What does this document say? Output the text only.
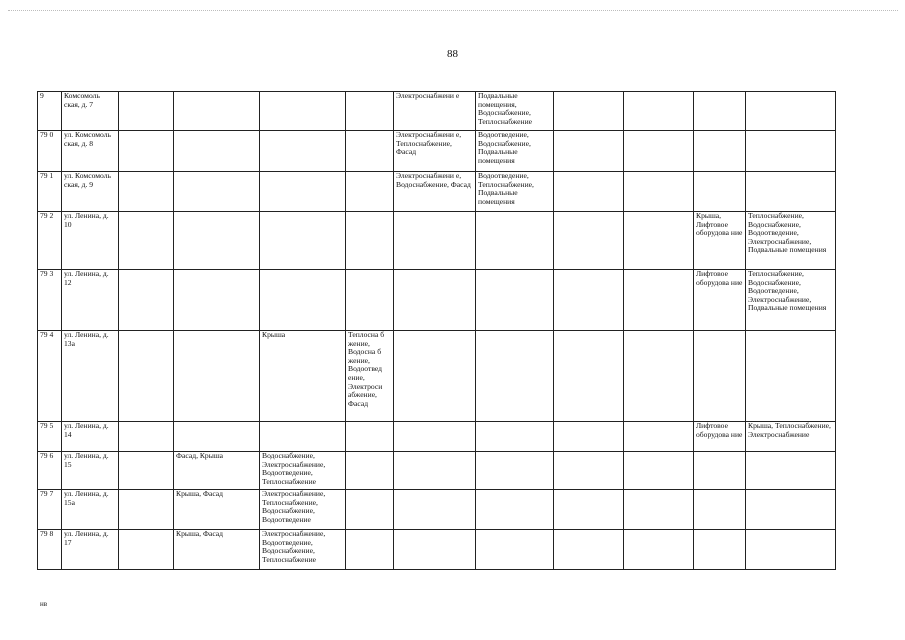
88
9	Комсомоль ская, д. 7					Электроснабжени е	Подвальные помещения, Водоснабжение, Теплоснабжение				
79 0	ул. Комсомоль ская, д. 8					Электроснабжени е, Теплоснабжение, Фасад	Водоотведение, Водоснабжение, Подвальные помещения				
79 1	ул. Комсомоль ская, д. 9					Электроснабжени е, Водоснабжение, Фасад	Водоотведение, Теплоснабжение, Подвальные помещения				
79 2	ул. Ленина, д. 10									Крыша, Лифтовое оборудова ние	Теплоснабжение, Водоснабжение, Водоотведение, Электроснабжение, Подвальные помещения
79 3	ул. Ленина, д. 12									Лифтовое оборудова ние	Теплоснабжение, Водоснабжение, Водоотведение, Электроснабжение, Подвальные помещения
79 4	ул. Ленина, д. 13а			Крыша	Теплосна б жение, Водосна б жение, Водоотвед ение, Электроси абжение, Фасад						
79 5	ул. Ленина, д. 14									Лифтовое оборудова ние	Крыша, Теплоснабжение, Электроснабжение
79 6	ул. Ленина, д. 15		Фасад, Крыша	Водоснабжение, Электроснабжение, Водоотведение, Теплоснабжение							
79 7	ул. Ленина, д. 15а		Крыша, Фасад	Электроснабжение, Теплоснабжение, Водоснабжение, Водоотведение							
79 8	ул. Ленина, д. 17		Крыша, Фасад	Электроснабжение, Водоотведение, Водоснабжение, Теплоснабжение							
нв
